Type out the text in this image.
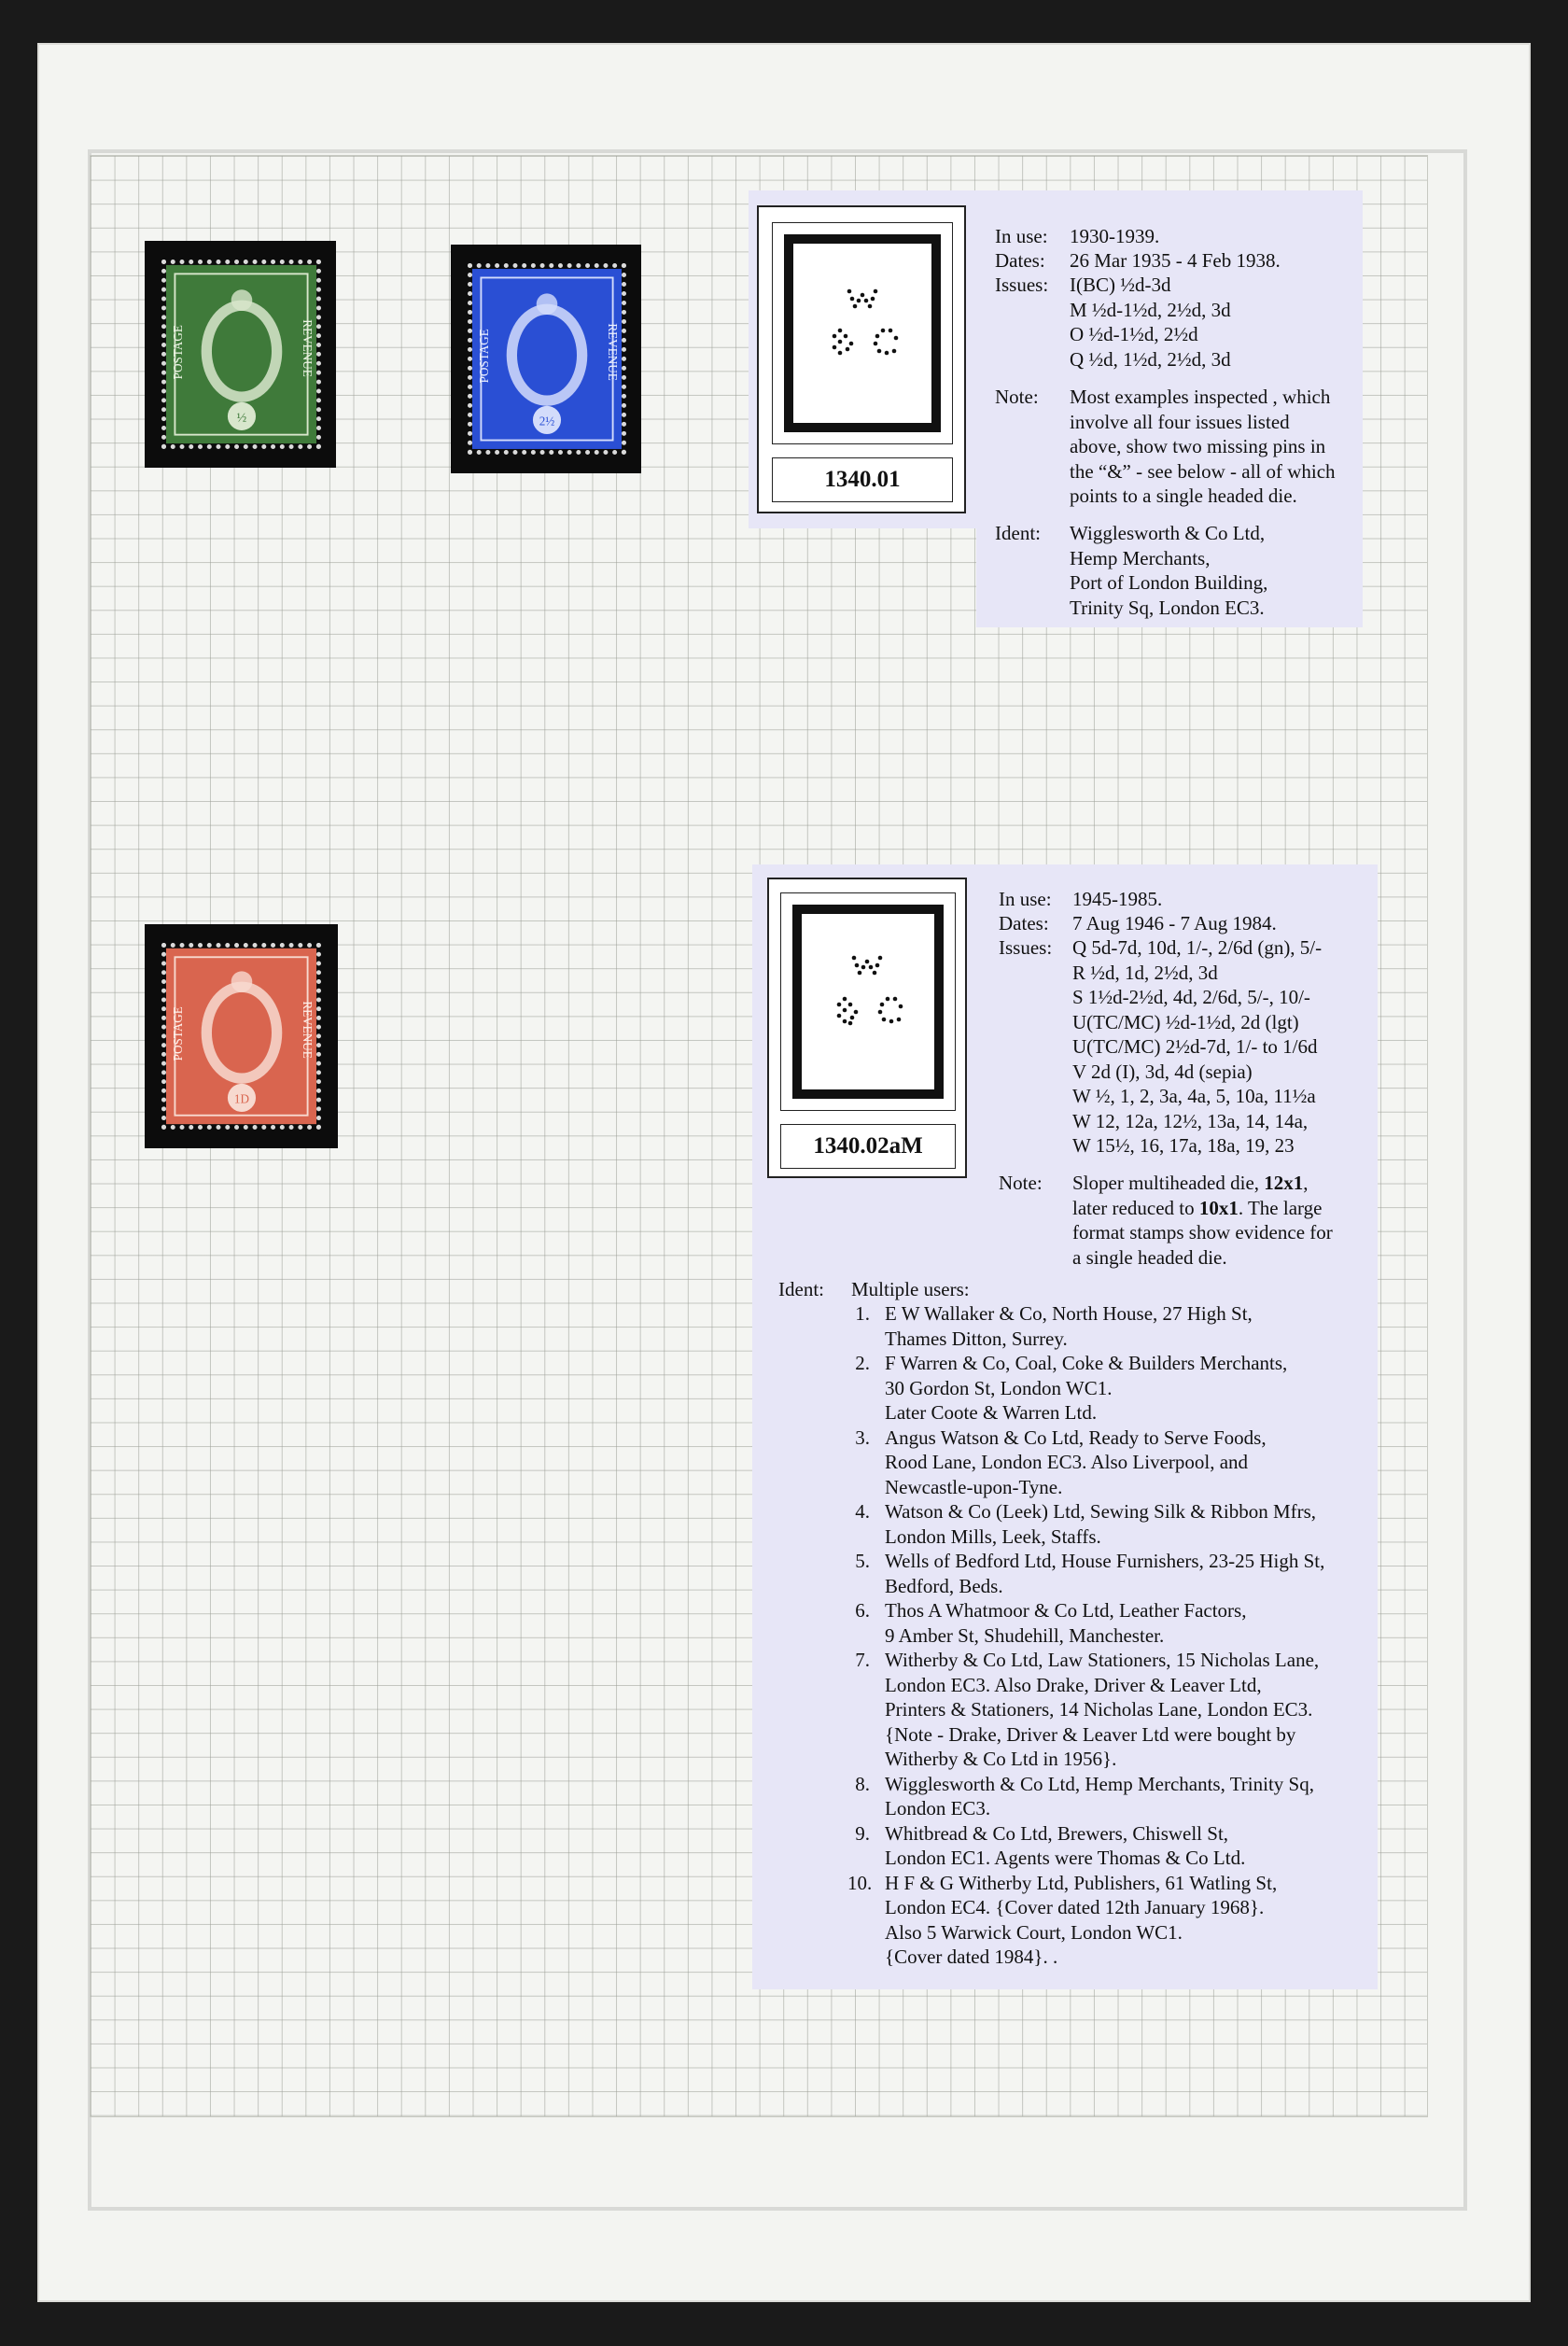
POSTAGE	REVENUE
½
POSTAGE	REVENUE
2½
POSTAGE	REVENUE
1D
1340.01
In use: 1930-1939.
Dates: 26 Mar 1935 - 4 Feb 1938.
Issues: I(BC) ½d-3d
M ½d-1½d, 2½d, 3d
O ½d-1½d, 2½d
Q ½d, 1½d, 2½d, 3d
Note: Most examples inspected , which
involve all four issues listed
above, show two missing pins in
the “&” - see below - all of which
points to a single headed die.
Ident: Wigglesworth & Co Ltd,
Hemp Merchants,
Port of London Building,
Trinity Sq, London EC3.
1340.02aM
In use: 1945-1985.
Dates: 7 Aug 1946 - 7 Aug 1984.
Issues: Q 5d-7d, 10d, 1/-, 2/6d (gn), 5/-
R ½d, 1d, 2½d, 3d
S 1½d-2½d, 4d, 2/6d, 5/-, 10/-
U(TC/MC) ½d-1½d, 2d (lgt)
U(TC/MC) 2½d-7d, 1/- to 1/6d
V 2d (I), 3d, 4d (sepia)
W ½, 1, 2, 3a, 4a, 5, 10a, 11½a
W 12, 12a, 12½, 13a, 14, 14a,
W 15½, 16, 17a, 18a, 19, 23
Note: Sloper multiheaded die, 12x1,
later reduced to 10x1. The large
format stamps show evidence for
a single headed die.
Ident: Multiple users:
1. E W Wallaker & Co, North House, 27 High St,
Thames Ditton, Surrey.
2. F Warren & Co, Coal, Coke & Builders Merchants,
30 Gordon St, London WC1.
Later Coote & Warren Ltd.
3. Angus Watson & Co Ltd, Ready to Serve Foods,
Rood Lane, London EC3. Also Liverpool, and
Newcastle-upon-Tyne.
4. Watson & Co (Leek) Ltd, Sewing Silk & Ribbon Mfrs,
London Mills, Leek, Staffs.
5. Wells of Bedford Ltd, House Furnishers, 23-25 High St,
Bedford, Beds.
6. Thos A Whatmoor & Co Ltd, Leather Factors,
9 Amber St, Shudehill, Manchester.
7. Witherby & Co Ltd, Law Stationers, 15 Nicholas Lane,
London EC3. Also Drake, Driver & Leaver Ltd,
Printers & Stationers, 14 Nicholas Lane, London EC3.
{Note - Drake, Driver & Leaver Ltd were bought by
Witherby & Co Ltd in 1956}.
8. Wigglesworth & Co Ltd, Hemp Merchants, Trinity Sq,
London EC3.
9. Whitbread & Co Ltd, Brewers, Chiswell St,
London EC1. Agents were Thomas & Co Ltd.
10. H F & G Witherby Ltd, Publishers, 61 Watling St,
London EC4. {Cover dated 12th January 1968}.
Also 5 Warwick Court, London WC1.
{Cover dated 1984}. .
